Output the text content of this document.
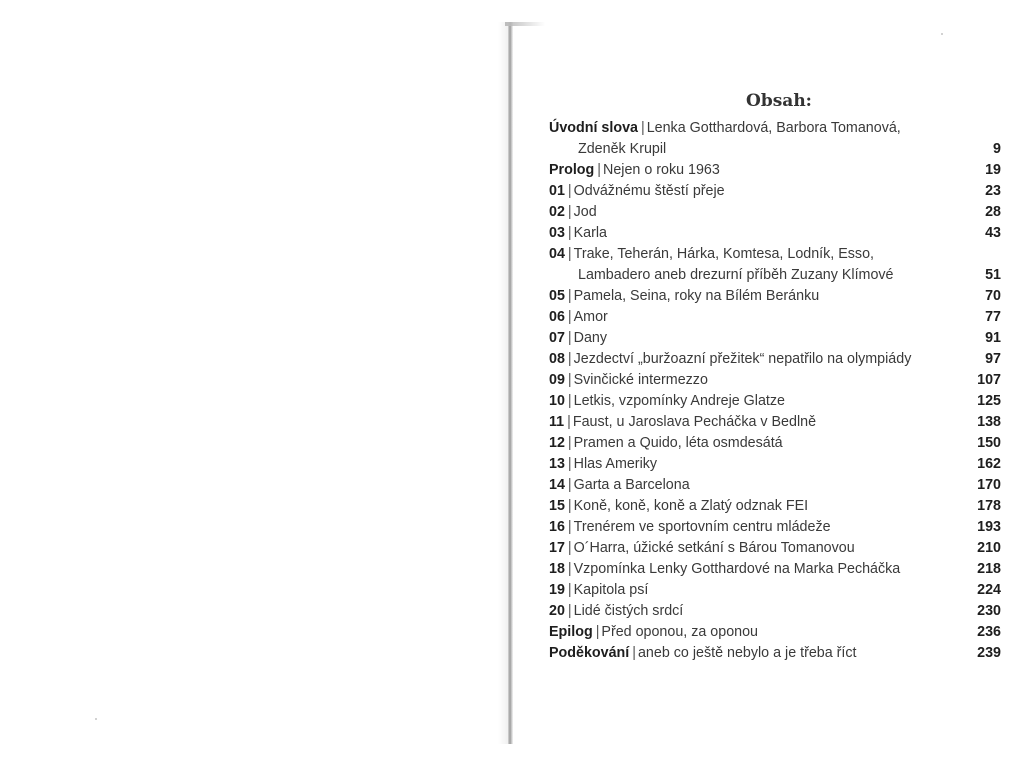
Obsah:
Úvodní slova | Lenka Gotthardová, Barbora Tomanová,
Zdeněk Krupil	9
Prolog | Nejen o roku 1963	19
01 | Odvážnému štěstí přeje	23
02 | Jod	28
03 | Karla	43
04 | Trake, Teherán, Hárka, Komtesa, Lodník, Esso,
Lambadero aneb drezurní příběh Zuzany Klímové	51
05 | Pamela, Seina, roky na Bílém Beránku	70
06 | Amor	77
07 | Dany	91
08 | Jezdectví „buržoazní přežitek“ nepatřilo na olympiády	97
09 | Svinčické intermezzo	107
10 | Letkis, vzpomínky Andreje Glatze	125
11 | Faust, u Jaroslava Pecháčka v Bedlně	138
12 | Pramen a Quido, léta osmdesátá	150
13 | Hlas Ameriky	162
14 | Garta a Barcelona	170
15 | Koně, koně, koně a Zlatý odznak FEI	178
16 | Trenérem ve sportovním centru mládeže	193
17 | O´Harra, úžické setkání s Bárou Tomanovou	210
18 | Vzpomínka Lenky Gotthardové na Marka Pecháčka	218
19 | Kapitola psí	224
20 | Lidé čistých srdcí	230
Epilog | Před oponou, za oponou	236
Poděkování | aneb co ještě nebylo a je třeba říct	239
